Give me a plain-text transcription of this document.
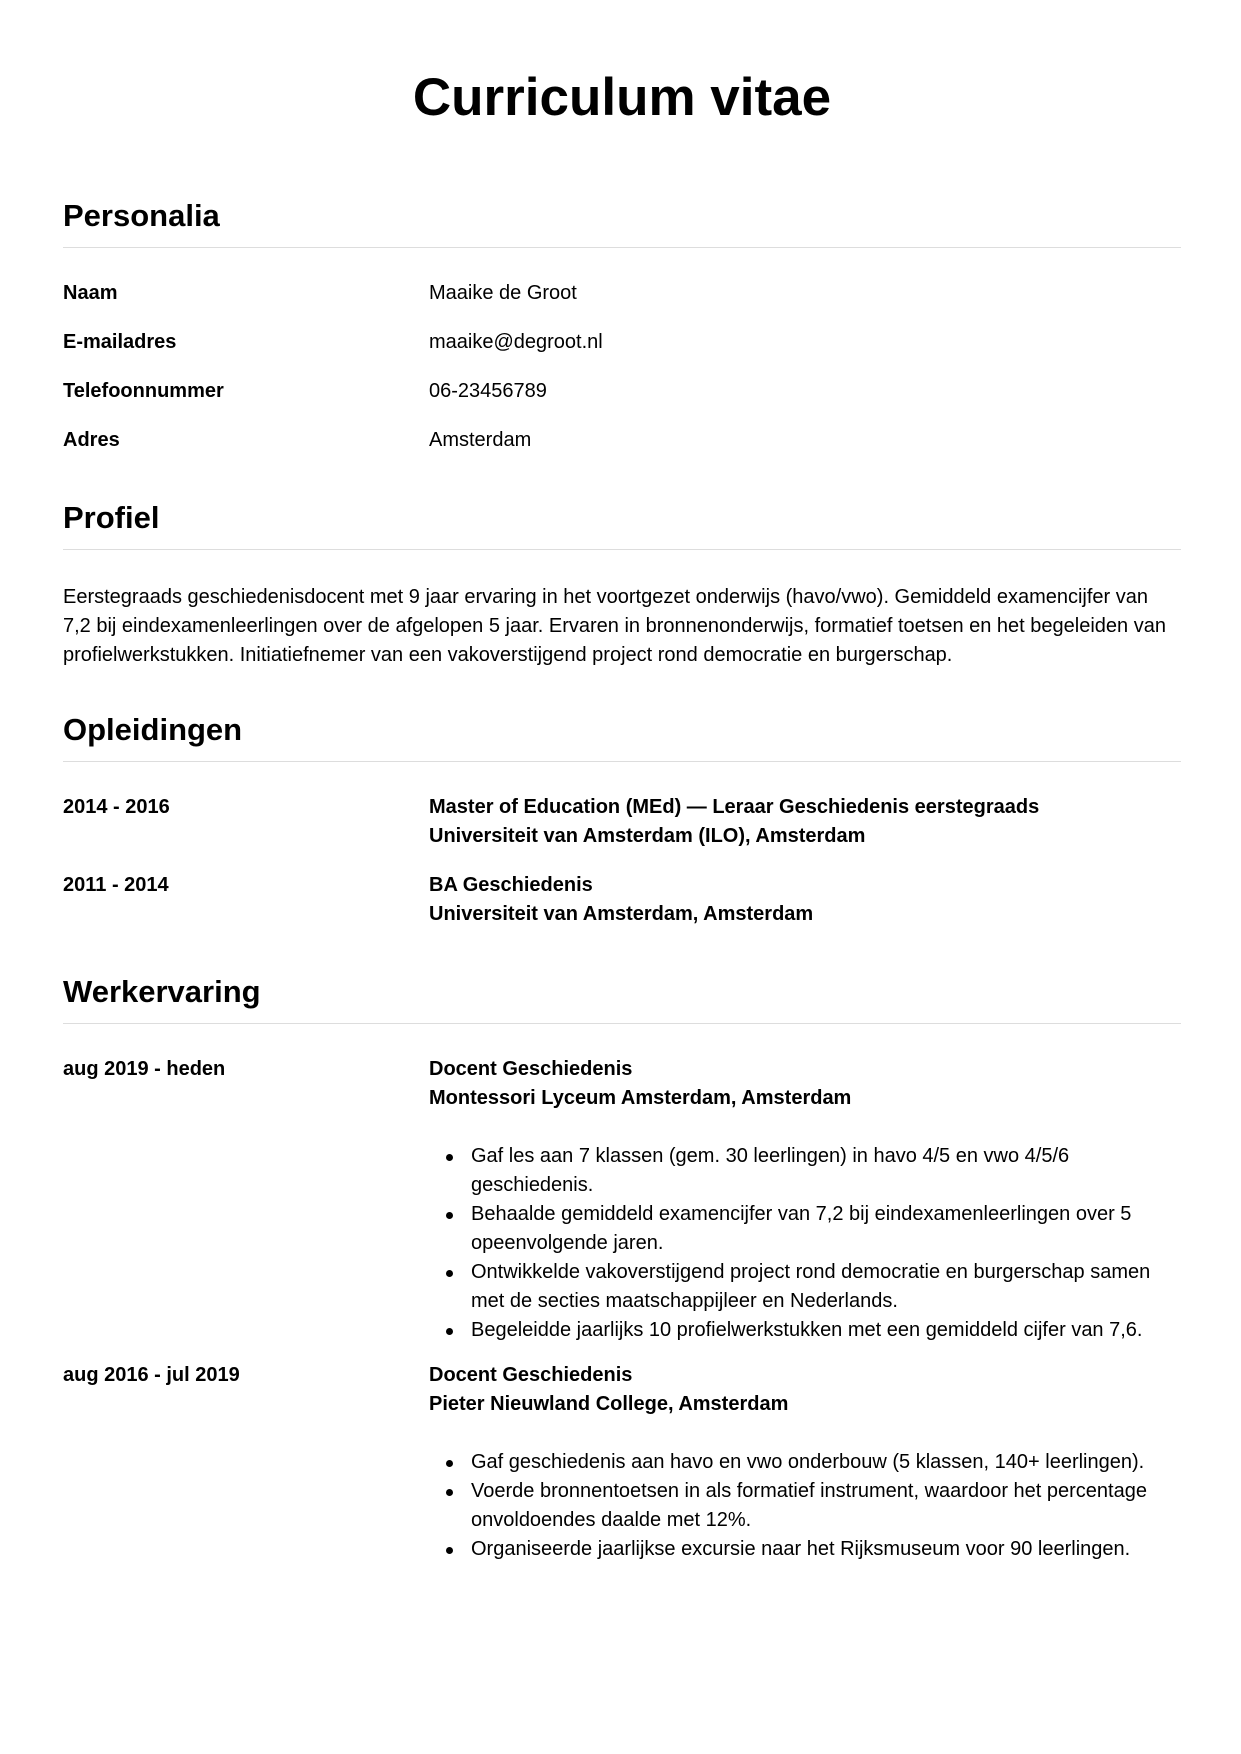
Curriculum vitae
Personalia
Naam	Maaike de Groot
E-mailadres	maaike@degroot.nl
Telefoonnummer	06-23456789
Adres	Amsterdam
Profiel

Eerstegraads geschiedenisdocent met 9 jaar ervaring in het voortgezet onderwijs (havo/vwo). Gemiddeld examencijfer van 7,2 bij eindexamenleerlingen over de afgelopen 5 jaar. Ervaren in bronnenonderwijs, formatief toetsen en het begeleiden van profielwerkstukken. Initiatiefnemer van een vakoverstijgend project rond democratie en burgerschap.

Opleidingen
2014 - 2016	Master of Education (MEd) — Leraar Geschiedenis eerstegraads
Universiteit van Amsterdam (ILO), Amsterdam
2011 - 2014	BA Geschiedenis
Universiteit van Amsterdam, Amsterdam
Werkervaring
aug 2019 - heden	Docent Geschiedenis
Montessori Lyceum Amsterdam, Amsterdam
Gaf les aan 7 klassen (gem. 30 leerlingen) in havo 4/5 en vwo 4/5/6 geschiedenis.
Behaalde gemiddeld examencijfer van 7,2 bij eindexamenleerlingen over 5 opeenvolgende jaren.
Ontwikkelde vakoverstijgend project rond democratie en burgerschap samen met de secties maatschappijleer en Nederlands.
Begeleidde jaarlijks 10 profielwerkstukken met een gemiddeld cijfer van 7,6.
aug 2016 - jul 2019	Docent Geschiedenis
Pieter Nieuwland College, Amsterdam
Gaf geschiedenis aan havo en vwo onderbouw (5 klassen, 140+ leerlingen).
Voerde bronnentoetsen in als formatief instrument, waardoor het percentage onvoldoendes daalde met 12%.
Organiseerde jaarlijkse excursie naar het Rijksmuseum voor 90 leerlingen.
